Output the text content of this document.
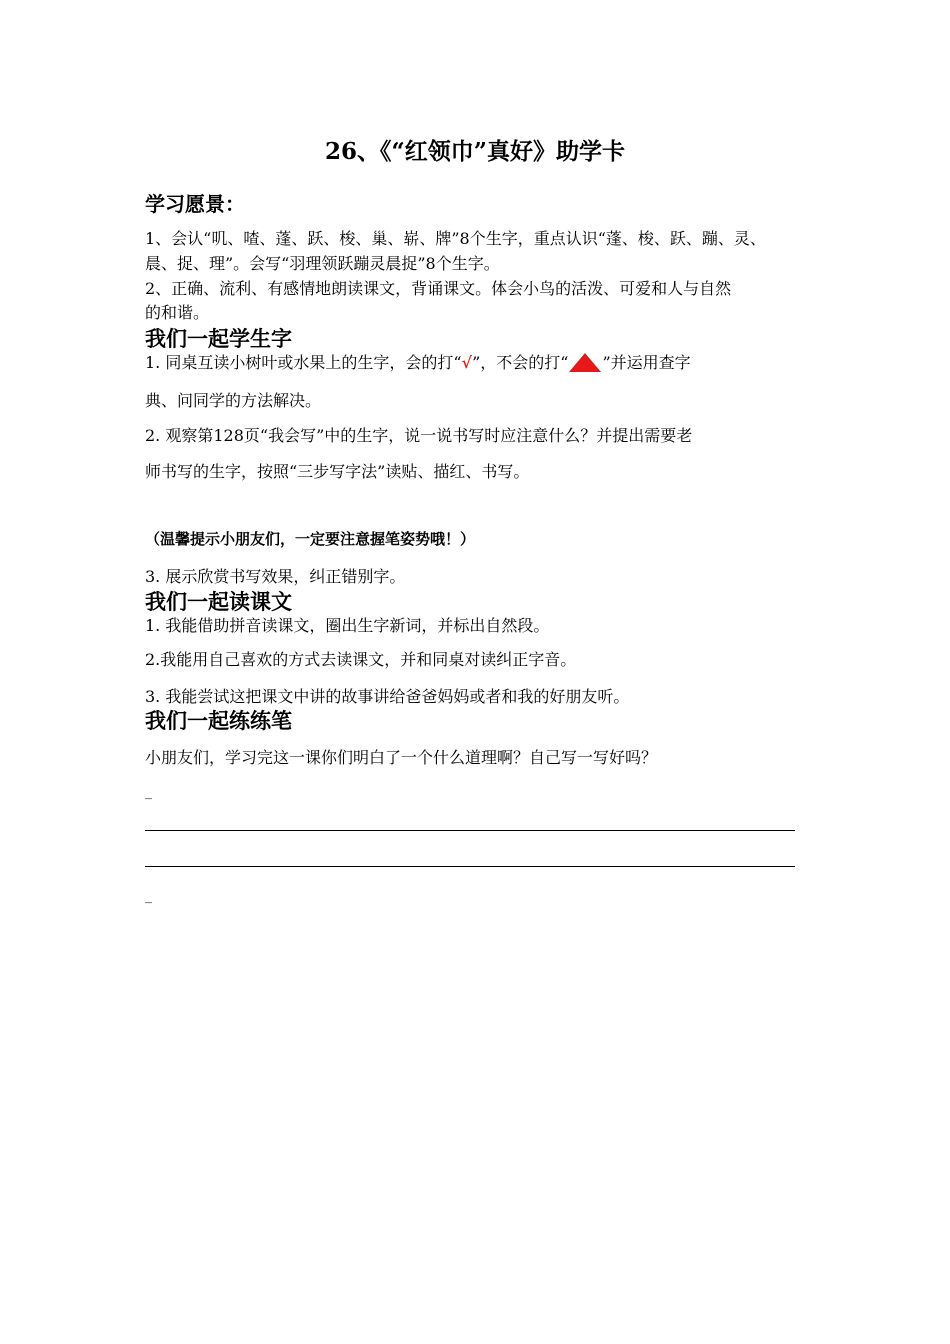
26、《“红领巾”真好》助学卡
学习愿景：
1、会认“叽、喳、蓬、跃、梭、巢、崭、牌”8个生字，重点认识“蓬、梭、跃、蹦、灵、
晨、捉、理”。会写“羽理领跃蹦灵晨捉”8个生字。
2、正确、流利、有感情地朗读课文，背诵课文。体会小鸟的活泼、可爱和人与自然
的和谐。
我们一起学生字
1. 同桌互读小树叶或水果上的生字，会的打“√”，不会的打“ ”并运用查字
典、问同学的方法解决。
2. 观察第128页“我会写”中的生字，说一说书写时应注意什么？并提出需要老
师书写的生字，按照“三步写字法”读贴、描红、书写。
（温馨提示小朋友们，一定要注意握笔姿势哦！）
3. 展示欣赏书写效果，纠正错别字。
我们一起读课文
1. 我能借助拼音读课文，圈出生字新词，并标出自然段。
2.我能用自己喜欢的方式去读课文，并和同桌对读纠正字音。
3. 我能尝试这把课文中讲的故事讲给爸爸妈妈或者和我的好朋友听。
我们一起练练笔
小朋友们，学习完这一课你们明白了一个什么道理啊？自己写一写好吗？
_
_
